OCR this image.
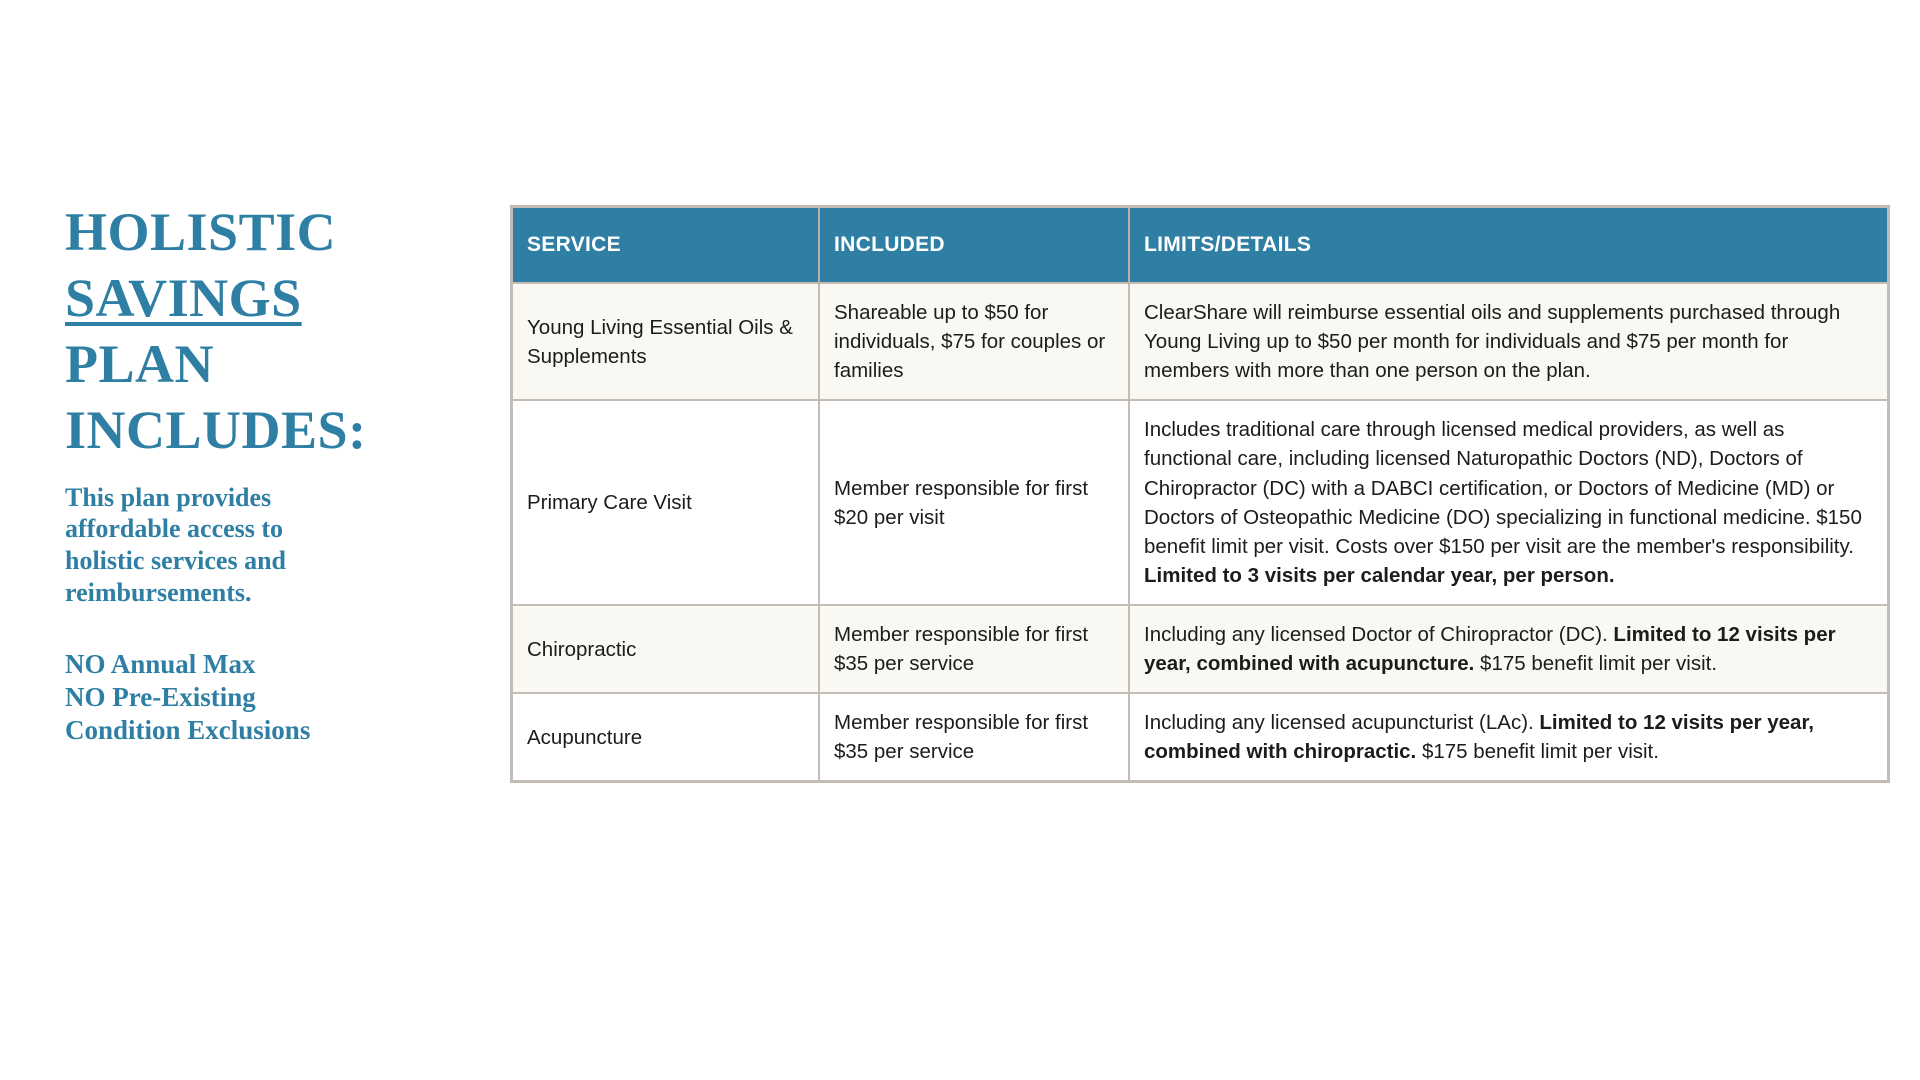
HOLISTIC
SAVINGS
PLAN
INCLUDES:

This plan provides affordable access to holistic services and reimbursements.

NO Annual Max
NO Pre-Existing
Condition Exclusions
SERVICE	INCLUDED	LIMITS/DETAILS
Young Living Essential Oils & Supplements	Shareable up to $50 for individuals, $75 for couples or families	ClearShare will reimburse essential oils and supplements purchased through Young Living up to $50 per month for individuals and $75 per month for members with more than one person on the plan.
Primary Care Visit	Member responsible for first $20 per visit	Includes traditional care through licensed medical providers, as well as functional care, including licensed Naturopathic Doctors (ND), Doctors of Chiropractor (DC) with a DABCI certification, or Doctors of Medicine (MD) or Doctors of Osteopathic Medicine (DO) specializing in functional medicine. $150 benefit limit per visit. Costs over $150 per visit are the member's responsibility. Limited to 3 visits per calendar year, per person.
Chiropractic	Member responsible for first $35 per service	Including any licensed Doctor of Chiropractor (DC). Limited to 12 visits per year, combined with acupuncture. $175 benefit limit per visit.
Acupuncture	Member responsible for first $35 per service	Including any licensed acupuncturist (LAc). Limited to 12 visits per year, combined with chiropractic. $175 benefit limit per visit.
